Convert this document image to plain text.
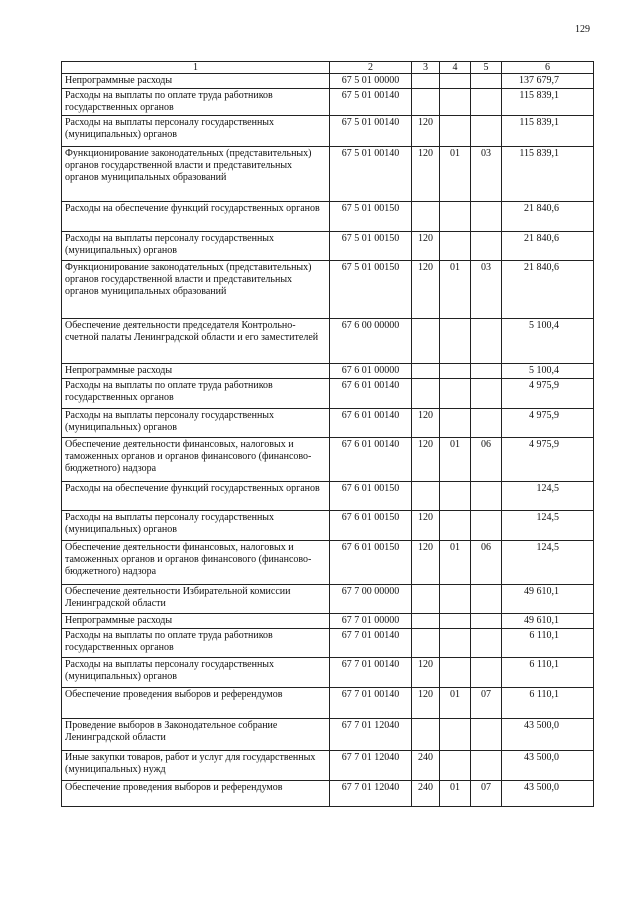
129
1	2	3	4	5	6
Непрограммные расходы	67 5 01 00000				137 679,7
Расходы на выплаты по оплате труда работников государственных органов	67 5 01 00140				115 839,1
Расходы на выплаты персоналу государственных (муниципальных) органов	67 5 01 00140	120			115 839,1
Функционирование законодательных (представительных) органов государственной власти и представительных органов муниципальных образований	67 5 01 00140	120	01	03	115 839,1
Расходы на обеспечение функций государственных органов	67 5 01 00150				21 840,6
Расходы на выплаты персоналу государственных (муниципальных) органов	67 5 01 00150	120			21 840,6
Функционирование законодательных (представительных) органов государственной власти и представительных органов муниципальных образований	67 5 01 00150	120	01	03	21 840,6
Обеспечение деятельности председателя Контрольно-счетной палаты Ленинградской области и его заместителей	67 6 00 00000				5 100,4
Непрограммные расходы	67 6 01 00000				5 100,4
Расходы на выплаты по оплате труда работников государственных органов	67 6 01 00140				4 975,9
Расходы на выплаты персоналу государственных (муниципальных) органов	67 6 01 00140	120			4 975,9
Обеспечение деятельности финансовых, налоговых и таможенных органов и органов финансового (финансово-бюджетного) надзора	67 6 01 00140	120	01	06	4 975,9
Расходы на обеспечение функций государственных органов	67 6 01 00150				124,5
Расходы на выплаты персоналу государственных (муниципальных) органов	67 6 01 00150	120			124,5
Обеспечение деятельности финансовых, налоговых и таможенных органов и органов финансового (финансово-бюджетного) надзора	67 6 01 00150	120	01	06	124,5
Обеспечение деятельности Избирательной комиссии Ленинградской области	67 7 00 00000				49 610,1
Непрограммные расходы	67 7 01 00000				49 610,1
Расходы на выплаты по оплате труда работников государственных органов	67 7 01 00140				6 110,1
Расходы на выплаты персоналу государственных (муниципальных) органов	67 7 01 00140	120			6 110,1
Обеспечение проведения выборов и референдумов	67 7 01 00140	120	01	07	6 110,1
Проведение выборов в Законодательное собрание Ленинградской области	67 7 01 12040				43 500,0
Иные закупки товаров, работ и услуг для государственных (муниципальных) нужд	67 7 01 12040	240			43 500,0
Обеспечение проведения выборов и референдумов	67 7 01 12040	240	01	07	43 500,0
